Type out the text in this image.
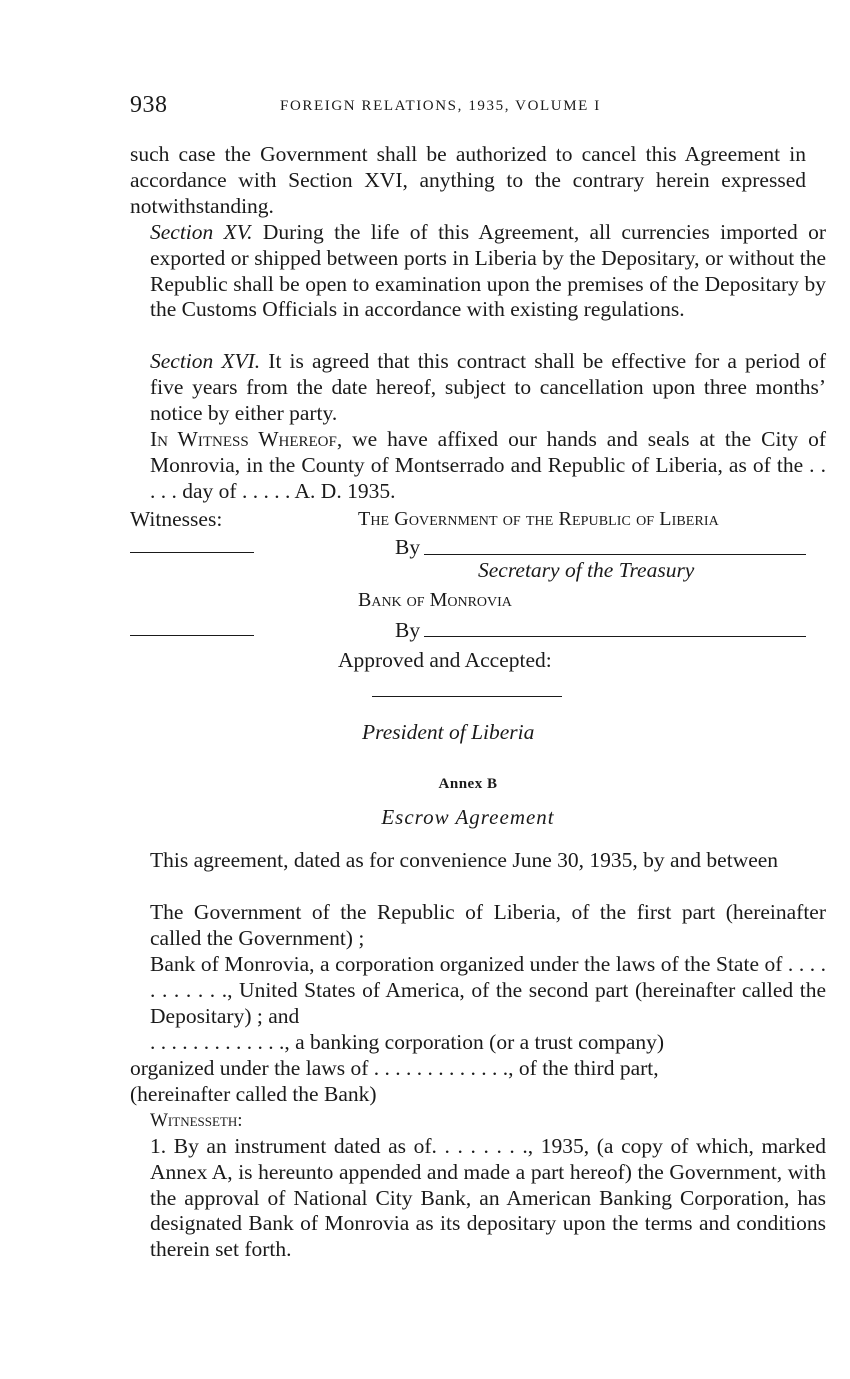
938	FOREIGN RELATIONS, 1935, VOLUME I

such case the Government shall be authorized to cancel this Agreement in accordance with Section XVI, anything to the contrary herein expressed notwithstanding.

Section XV. During the life of this Agreement, all currencies imported or exported or shipped between ports in Liberia by the Depositary, or without the Republic shall be open to examination upon the premises of the Depositary by the Customs Officials in accordance with existing regulations.

Section XVI. It is agreed that this contract shall be effective for a period of five years from the date hereof, subject to cancellation upon three months’ notice by either party.

In Witness Whereof, we have affixed our hands and seals at the City of Monrovia, in the County of Montserrado and Republic of Liberia, as of the . . . . . day of . . . . . A. D. 1935.

Witnesses:	The Government of the Republic of Liberia
By
Secretary of the Treasury
Bank of Monrovia
By
Approved and Accepted:
President of Liberia
Annex B
Escrow Agreement

This agreement, dated as for convenience June 30, 1935, by and between

The Government of the Republic of Liberia, of the first part (hereinafter called the Government) ;

Bank of Monrovia, a corporation organized under the laws of the State of . . . . . . . . . . ., United States of America, of the second part (hereinafter called the Depositary) ; and

. . . . . . . . . . . . ., a banking corporation (or a trust company)
organized under the laws of . . . . . . . . . . . . ., of the third part,
(hereinafter called the Bank)
Witnesseth:

1. By an instrument dated as of. . . . . . . ., 1935, (a copy of which, marked Annex A, is hereunto appended and made a part hereof) the Government, with the approval of National City Bank, an American Banking Corporation, has designated Bank of Monrovia as its depositary upon the terms and conditions therein set forth.
